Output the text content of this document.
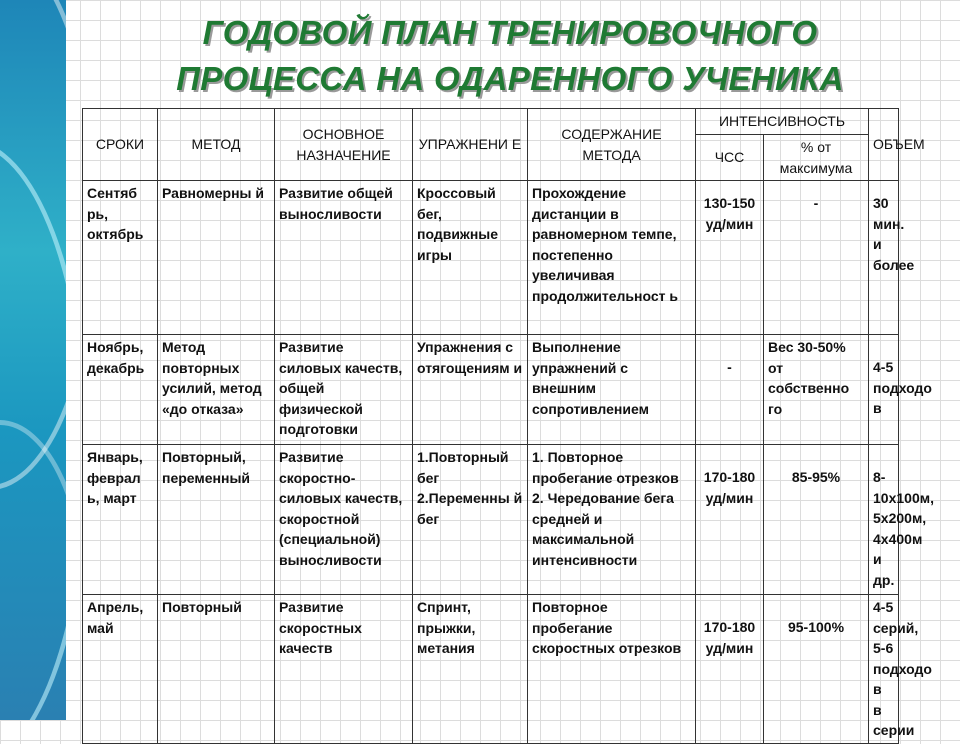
ГОДОВОЙ ПЛАН ТРЕНИРОВОЧНОГО
ПРОЦЕССА НА ОДАРЕННОГО УЧЕНИКА
СРОКИ	МЕТОД	ОСНОВНОЕ НАЗНАЧЕНИЕ	УПРАЖНЕНИ Е	СОДЕРЖАНИЕ МЕТОДА	ИНТЕНСИВНОСТЬ		ОБЪЕМ
					ЧСС	% от максимума	
Сентяб рь, октябрь	Равномерны й	Развитие общей выносливости	Кроссовый бег, подвижные игры	Прохождение дистанции в равномерном темпе, постепенно увеличивая продолжительност ь	130-150 уд/мин	-	30 мин. и более
Ноябрь, декабрь	Метод повторных усилий, метод «до отказа»	Развитие силовых качеств, общей физической подготовки	Упражнения с отягощениям и	Выполнение упражнений с внешним сопротивлением	-	Вес 30-50% от собственно го	4-5 подходо в
Январь, феврал ь, март	Повторный, переменный	Развитие скоростно-силовых качеств, скоростной (специальной) выносливости	1.Повторный бег 2.Переменны й бег	1. Повторное пробегание отрезков 2. Чередование бега средней и максимальной интенсивности	170-180 уд/мин	85-95%	8-10х100м, 5х200м, 4х400м и др.
Апрель, май	Повторный	Развитие скоростных качеств	Спринт, прыжки, метания	Повторное пробегание скоростных отрезков	170-180 уд/мин	95-100%	4-5 серий, 5-6 подходо в в серии
